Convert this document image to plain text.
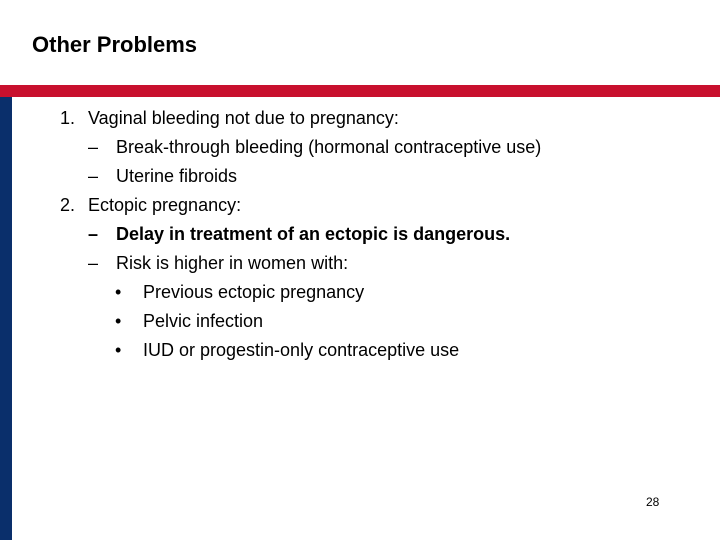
Other Problems
1. Vaginal bleeding not due to pregnancy:
– Break-through bleeding (hormonal contraceptive use)
– Uterine fibroids
2. Ectopic pregnancy:
– Delay in treatment of an ectopic is dangerous.
– Risk is higher in women with:
• Previous ectopic pregnancy
• Pelvic infection
• IUD or progestin-only contraceptive use
28
